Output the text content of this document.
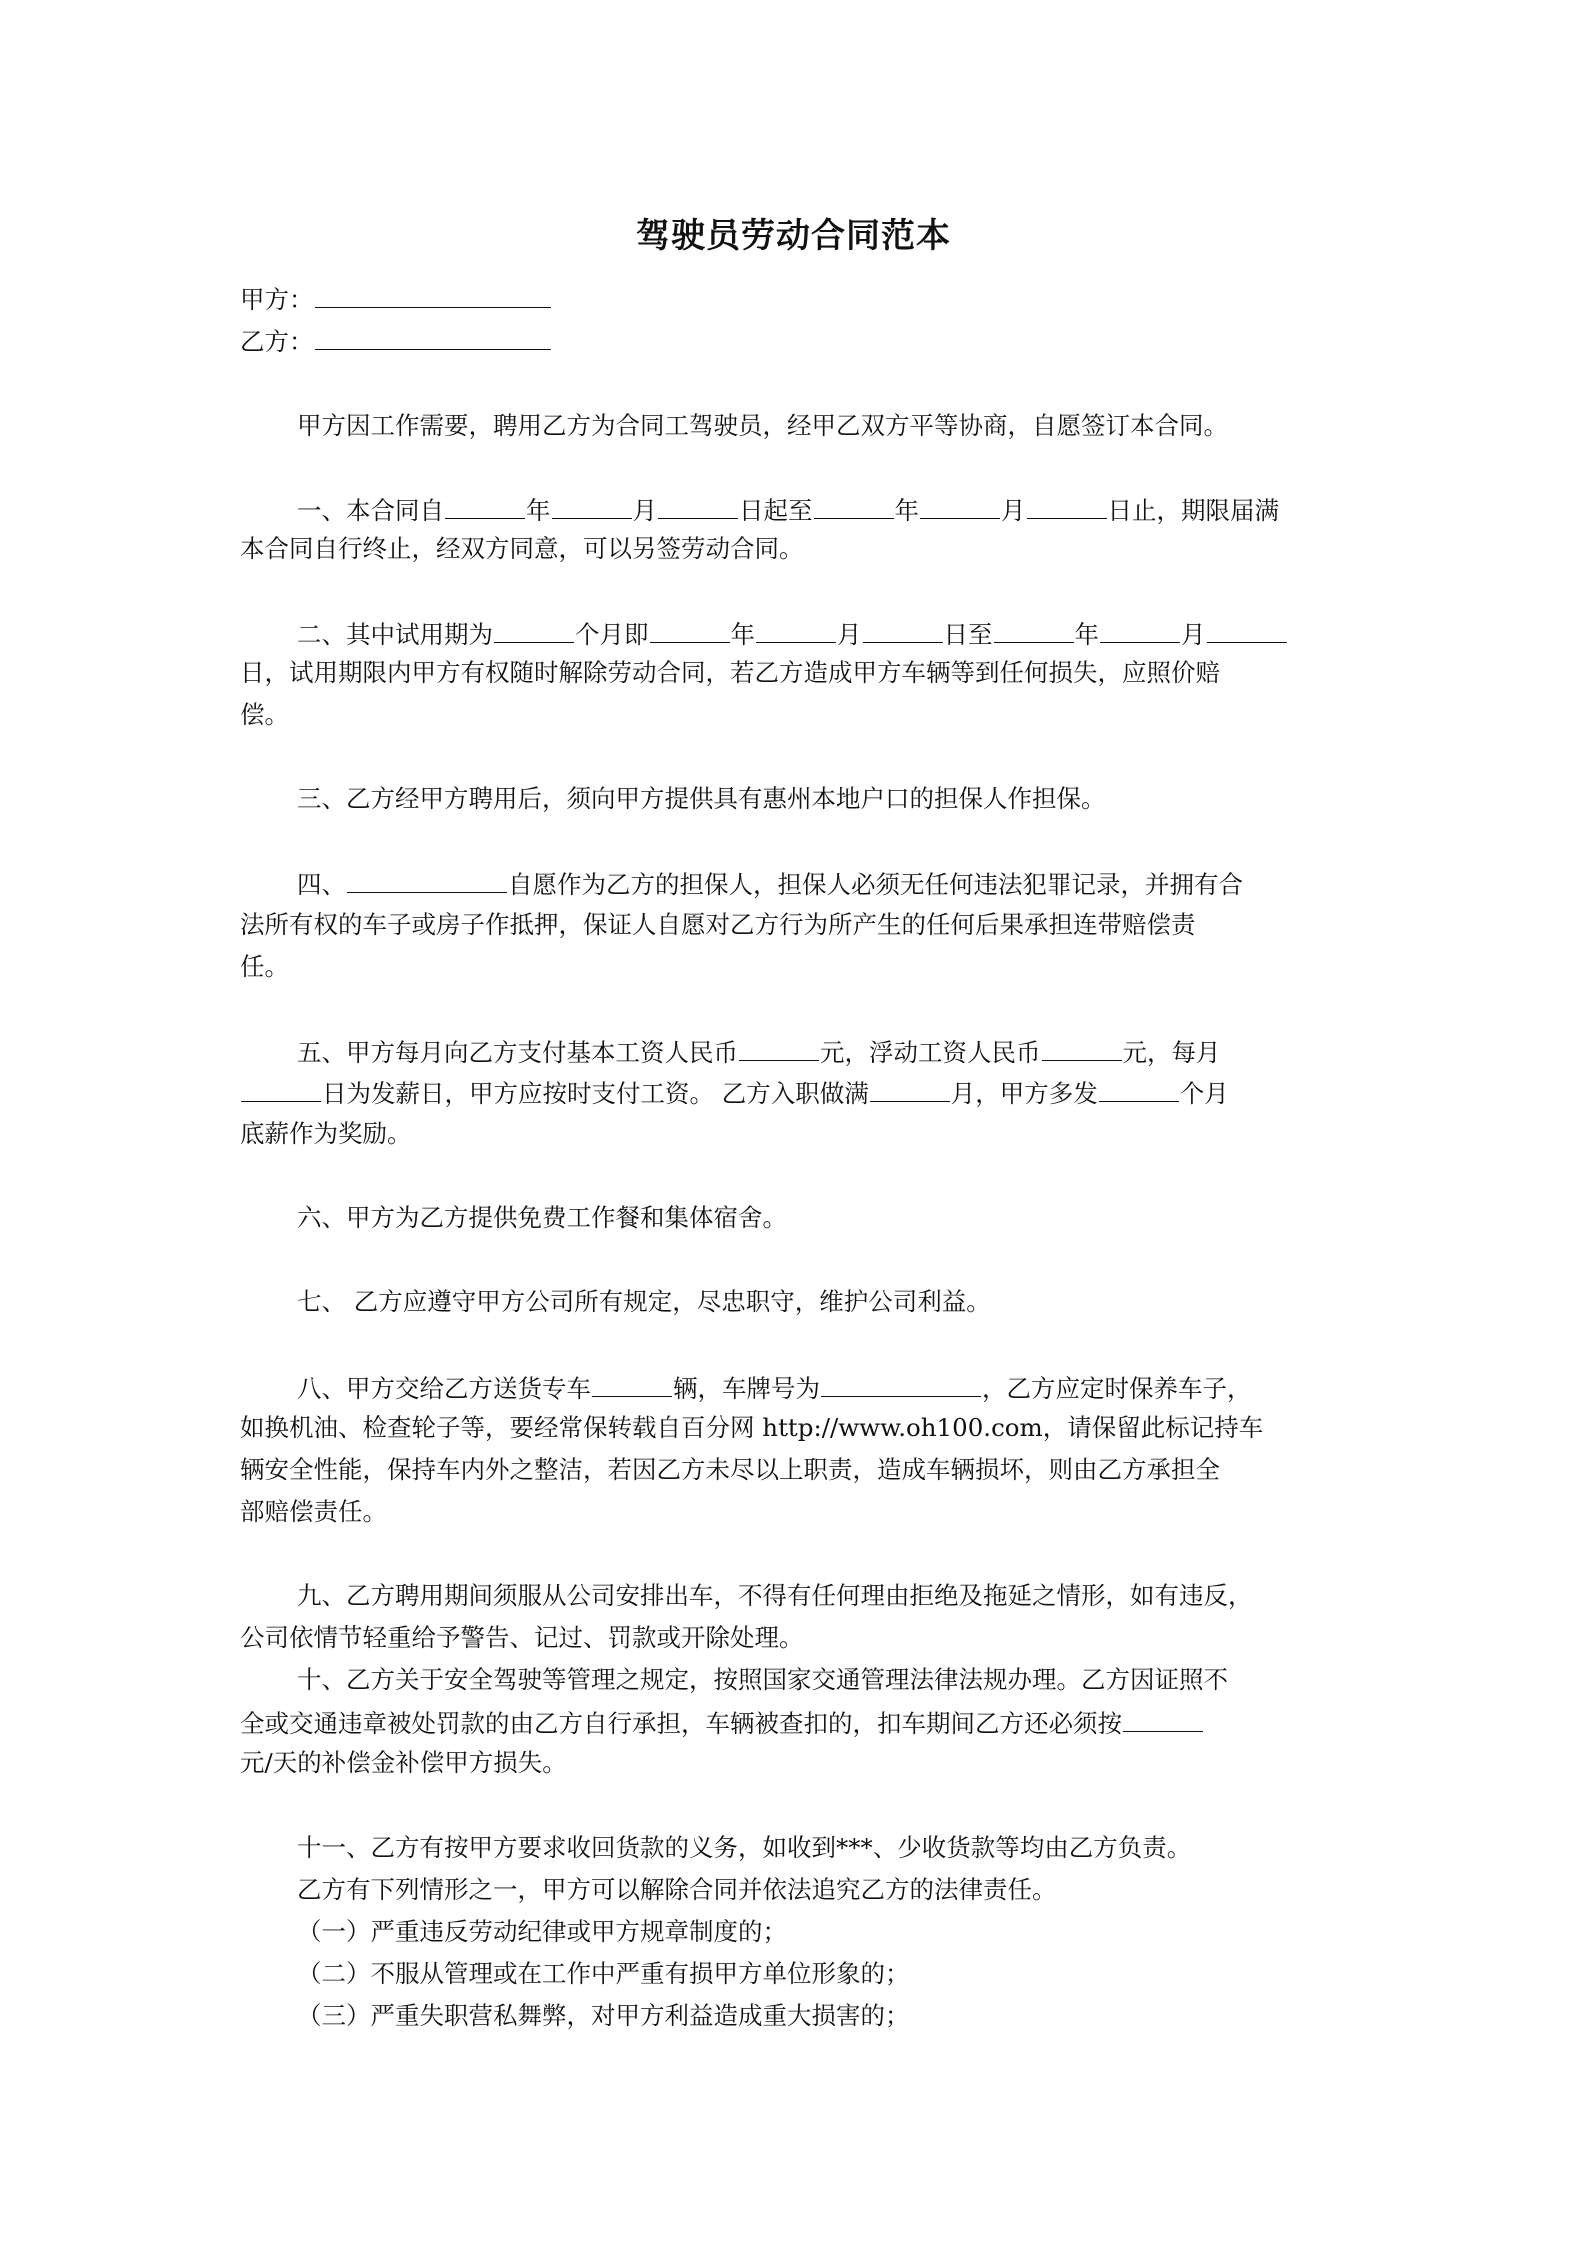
驾驶员劳动合同范本
甲方：
乙方：
甲方因工作需要，聘用乙方为合同工驾驶员，经甲乙双方平等协商，自愿签订本合同。
一、本合同自	年	月	日起至	年	月	日止，期限届满
本合同自行终止，经双方同意，可以另签劳动合同。
二、其中试用期为	个月即	年	月	日至	年	月
日，试用期限内甲方有权随时解除劳动合同，若乙方造成甲方车辆等到任何损失，应照价赔
偿。
三、乙方经甲方聘用后，须向甲方提供具有惠州本地户口的担保人作担保。
四、	自愿作为乙方的担保人，担保人必须无任何违法犯罪记录，并拥有合
法所有权的车子或房子作抵押，保证人自愿对乙方行为所产生的任何后果承担连带赔偿责
任。
五、甲方每月向乙方支付基本工资人民币	元，浮动工资人民币	元，每月
日为发薪日，甲方应按时支付工资。 乙方入职做满	月，甲方多发	个月
底薪作为奖励。
六、甲方为乙方提供免费工作餐和集体宿舍。
七、 乙方应遵守甲方公司所有规定，尽忠职守，维护公司利益。
八、甲方交给乙方送货专车	辆，车牌号为	，乙方应定时保养车子，
如换机油、检查轮子等，要经常保转载自百分网 http://www.oh100.com，请保留此标记持车
辆安全性能，保持车内外之整洁，若因乙方未尽以上职责，造成车辆损坏，则由乙方承担全
部赔偿责任。
九、乙方聘用期间须服从公司安排出车，不得有任何理由拒绝及拖延之情形，如有违反，
公司依情节轻重给予警告、记过、罚款或开除处理。
十、乙方关于安全驾驶等管理之规定，按照国家交通管理法律法规办理。乙方因证照不
全或交通违章被处罚款的由乙方自行承担，车辆被查扣的，扣车期间乙方还必须按
元/天的补偿金补偿甲方损失。
十一、乙方有按甲方要求收回货款的义务，如收到***、少收货款等均由乙方负责。
乙方有下列情形之一，甲方可以解除合同并依法追究乙方的法律责任。
（一）严重违反劳动纪律或甲方规章制度的；
（二）不服从管理或在工作中严重有损甲方单位形象的；
（三）严重失职营私舞弊，对甲方利益造成重大损害的；
